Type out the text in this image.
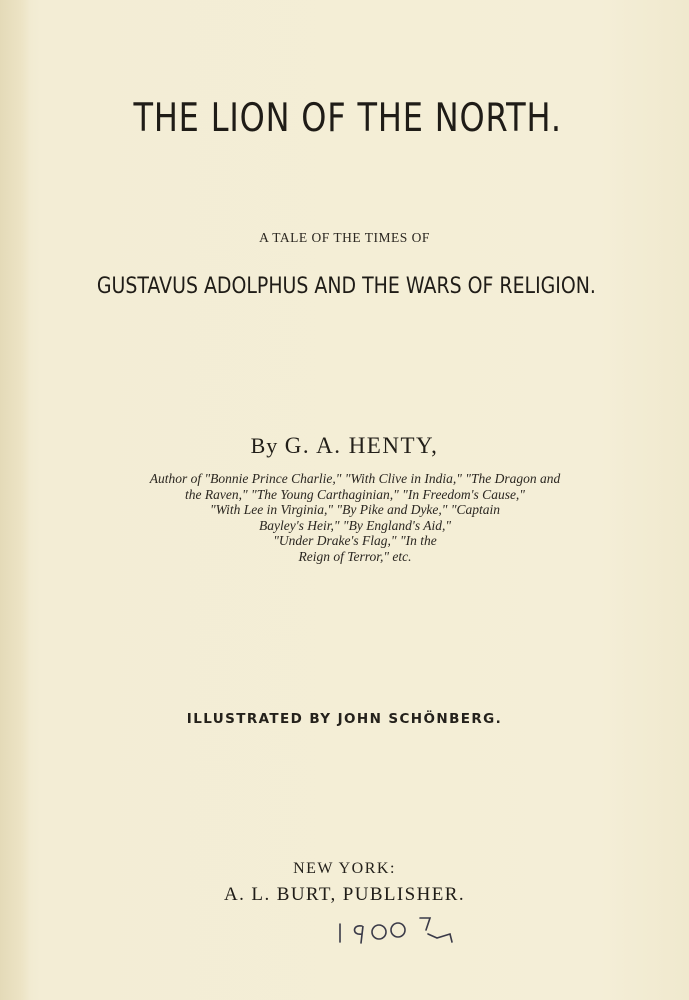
THE LION OF THE NORTH.
A TALE OF THE TIMES OF
GUSTAVUS ADOLPHUS AND THE WARS OF RELIGION.
By G. A. HENTY,
Author of "Bonnie Prince Charlie," "With Clive in India," "The Dragon and
the Raven," "The Young Carthaginian," "In Freedom's Cause,"
"With Lee in Virginia," "By Pike and Dyke," "Captain
Bayley's Heir," "By England's Aid,"
"Under Drake's Flag," "In the
Reign of Terror," etc.
ILLUSTRATED BY JOHN SCHÖNBERG.
NEW YORK:
A. L. BURT, PUBLISHER.
